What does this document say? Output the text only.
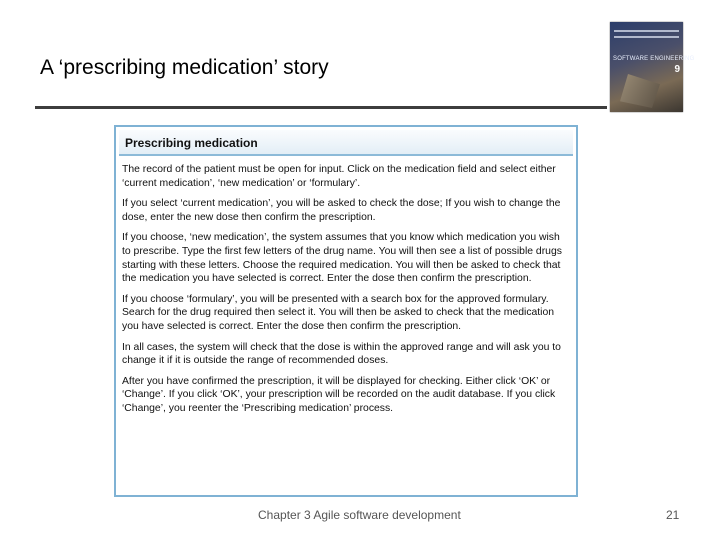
A ‘prescribing medication’ story	SOFTWARE ENGINEERING
9
Prescribing medication

The record of the patient must be open for input. Click on the medication field and select either ‘current medication’, ‘new medication’ or ‘formulary’.

If you select ‘current medication’, you will be asked to check the dose; If you wish to change the dose, enter the new dose then confirm the prescription.

If you choose, ‘new medication’, the system assumes that you know which medication you wish to prescribe. Type the first few letters of the drug name. You will then see a list of possible drugs starting with these letters. Choose the required medication. You will then be asked to check that the medication you have selected is correct. Enter the dose then confirm the prescription.

If you choose ‘formulary’, you will be presented with a search box for the approved formulary. Search for the drug required then select it. You will then be asked to check that the medication you have selected is correct. Enter the dose then confirm the prescription.

In all cases, the system will check that the dose is within the approved range and will ask you to change it if it is outside the range of recommended doses.

After you have confirmed the prescription, it will be displayed for checking. Either click ‘OK’ or ‘Change’. If you click ‘OK’, your prescription will be recorded on the audit database. If you click ‘Change’, you reenter the ‘Prescribing medication’ process.

Chapter 3 Agile software development	21
